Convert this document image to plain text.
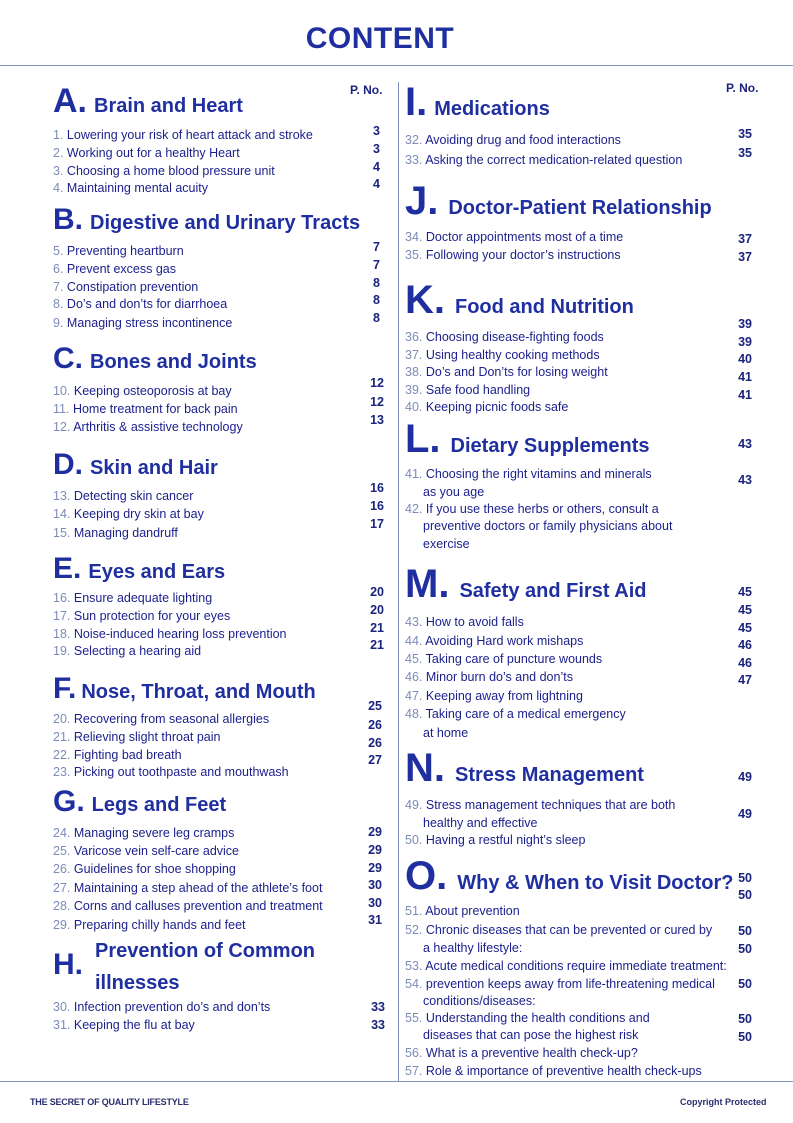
CONTENT
P. No.	P. No.
A. Brain and Heart
1. Lowering your risk of heart attack and stroke
2. Working out for a healthy Heart
3. Choosing a home blood pressure unit
4. Maintaining mental acuity
B. Digestive and Urinary Tracts
5. Preventing heartburn
6. Prevent excess gas
7. Constipation prevention
8. Do’s and don’ts for diarrhoea
9. Managing stress incontinence
C. Bones and Joints
10. Keeping osteoporosis at bay
11. Home treatment for back pain
12. Arthritis & assistive technology
D. Skin and Hair
13. Detecting skin cancer
14. Keeping dry skin at bay
15. Managing dandruff
E. Eyes and Ears
16. Ensure adequate lighting
17. Sun protection for your eyes
18. Noise-induced hearing loss prevention
19. Selecting a hearing aid
F. Nose, Throat, and Mouth
20. Recovering from seasonal allergies
21. Relieving slight throat pain
22. Fighting bad breath
23. Picking out toothpaste and mouthwash
G. Legs and Feet
24. Managing severe leg cramps
25. Varicose vein self-care advice
26. Guidelines for shoe shopping
27. Maintaining a step ahead of the athlete’s foot
28. Corns and calluses prevention and treatment
29. Preparing chilly hands and feet
H. Prevention of Common
illnesses
30. Infection prevention do’s and don’ts
31. Keeping the flu at bay
3
3
4
4
7
7
8
8
8
12
12
13
16
16
17
20
20
21
21
25
26
26
27
29
29
29
30
30
31
33
33
I. Medications
32. Avoiding drug and food interactions
33. Asking the correct medication-related question
J. Doctor-Patient Relationship
34. Doctor appointments most of a time
35. Following your doctor’s instructions
K. Food and Nutrition
36. Choosing disease-fighting foods
37. Using healthy cooking methods
38. Do’s and Don’ts for losing weight
39. Safe food handling
40. Keeping picnic foods safe
L. Dietary Supplements
41. Choosing the right vitamins and minerals
as you age
42. If you use these herbs or others, consult a
preventive doctors or family physicians about
exercise
M. Safety and First Aid
43. How to avoid falls
44. Avoiding Hard work mishaps
45. Taking care of puncture wounds
46. Minor burn do’s and don’ts
47. Keeping away from lightning
48. Taking care of a medical emergency
at home
N. Stress Management
49. Stress management techniques that are both
healthy and effective
50. Having a restful night’s sleep
O. Why & When to Visit Doctor?
51. About prevention
52. Chronic diseases that can be prevented or cured by
a healthy lifestyle:
53. Acute medical conditions require immediate treatment:
54. prevention keeps away from life-threatening medical
conditions/diseases:
55. Understanding the health conditions and
diseases that can pose the highest risk
56. What is a preventive health check-up?
57. Role & importance of preventive health check-ups
35
35
37
37
39
39
40
41
41
43
43
45
45
45
46
46
47
49
49
50
50
50
50
50
50
50
THE SECRET OF QUALITY LIFESTYLE	Copyright Protected
